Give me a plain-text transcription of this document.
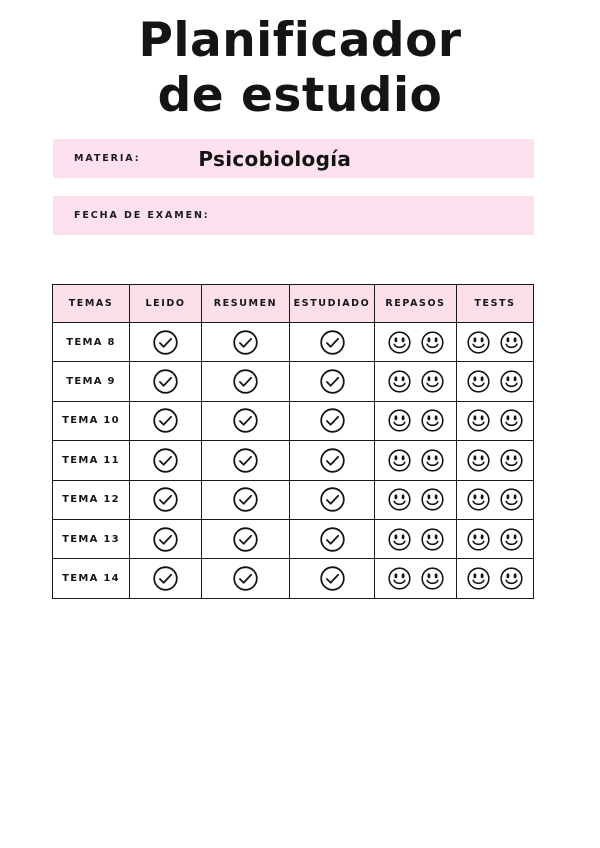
Planificador
de estudio
MATERIA:	Psicobiología
FECHA DE EXAMEN:
TEMAS	LEIDO	RESUMEN	ESTUDIADO	REPASOS	TESTS
TEMA 8	

TEMA 9	

TEMA 10	

TEMA 11	

TEMA 12	

TEMA 13	

TEMA 14	
